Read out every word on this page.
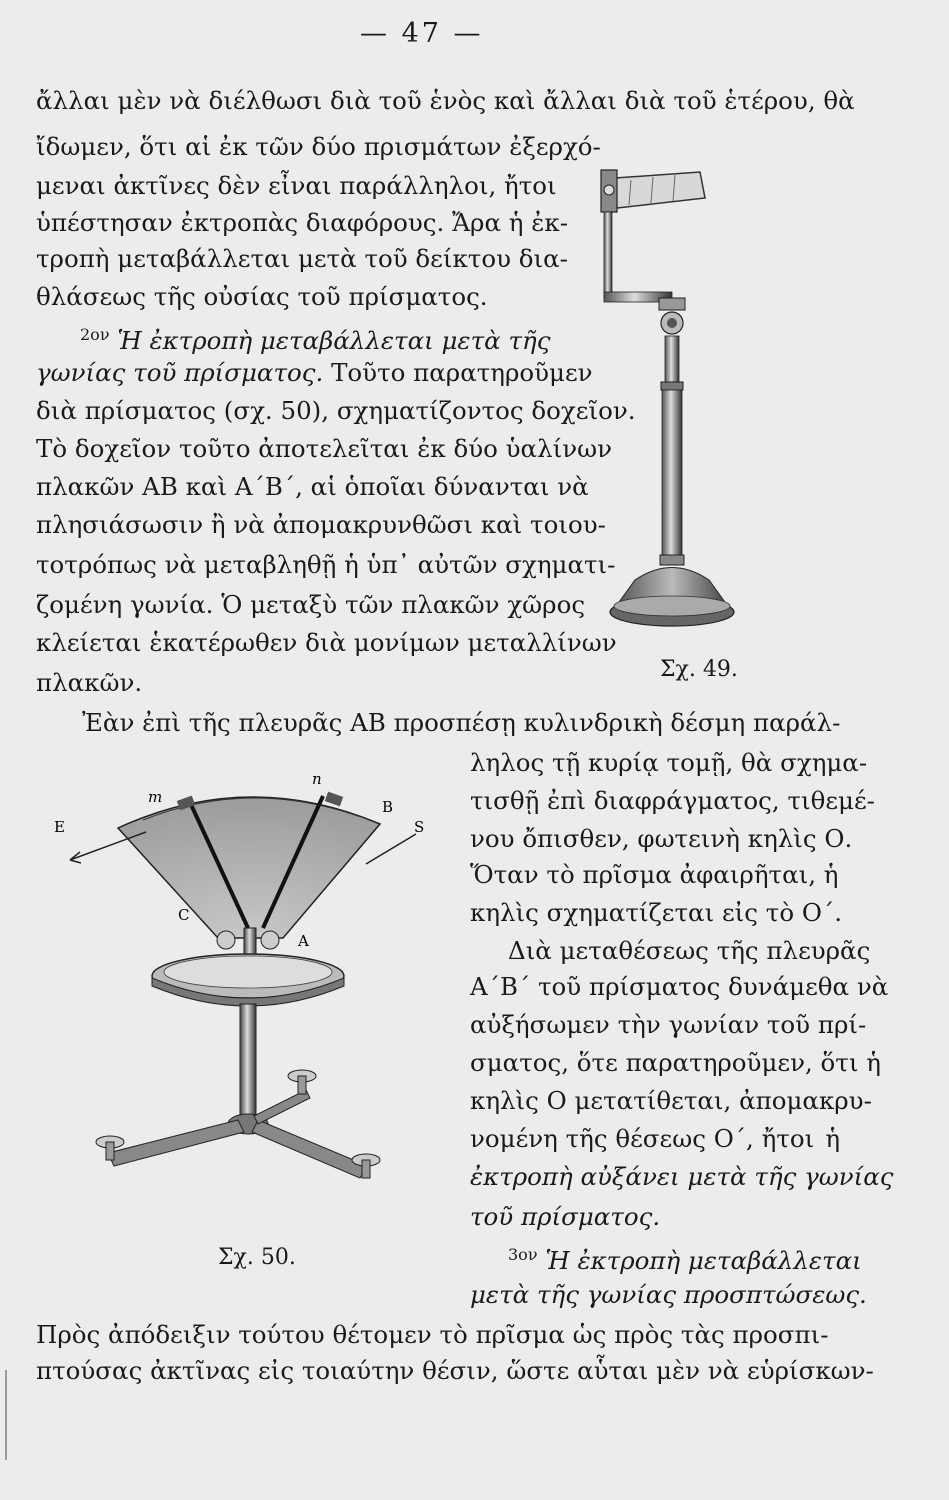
— 47 —
ἄλλαι μὲν νὰ διέλθωσι διὰ τοῦ ἑνὸς καὶ ἄλλαι διὰ τοῦ ἑτέρου, θὰ
ἴδωμεν, ὅτι αἱ ἐκ τῶν δύο πρισμάτων ἐξερχό-
μεναι ἀκτῖνες δὲν εἶναι παράλληλοι, ἤτοι
ὑπέστησαν ἐκτροπὰς διαφόρους. Ἄρα ἡ ἐκ-
τροπὴ μεταβάλλεται μετὰ τοῦ δείκτου δια-
θλάσεως τῆς οὐσίας τοῦ πρίσματος.
$^{2o\nu}$ Ἡ ἐκτροπὴ μεταβάλλεται μετὰ τῆς
γωνίας τοῦ πρίσματος. Τοῦτο παρατηροῦμεν
διὰ πρίσματος (σχ. 50), σχηματίζοντος δοχεῖον.
Τὸ δοχεῖον τοῦτο ἀποτελεῖται ἐκ δύο ὑαλίνων
πλακῶν ΑΒ καὶ Α΄Β΄, αἱ ὁποῖαι δύνανται νὰ
πλησιάσωσιν ἢ νὰ ἀπομακρυνθῶσι καὶ τοιου-
τοτρόπως νὰ μεταβληθῇ ἡ ὑπ᾽ αὐτῶν σχηματι-
ζομένη γωνία. Ὁ μεταξὺ τῶν πλακῶν χῶρος
κλείεται ἑκατέρωθεν διὰ μονίμων μεταλλίνων
πλακῶν.	Σχ. 49.
Ἐὰν ἐπὶ τῆς πλευρᾶς ΑΒ προσπέσῃ κυλινδρικὴ δέσμη παράλ-
ληλος τῇ κυρίᾳ τομῇ, θὰ σχημα-
τισθῇ ἐπὶ διαφράγματος, τιθεμέ-
νου ὄπισθεν, φωτεινὴ κηλὶς Ο.
Ὅταν τὸ πρῖσμα ἀφαιρῆται, ἡ
κηλὶς σχηματίζεται εἰς τὸ Ο΄.
Διὰ μεταθέσεως τῆς πλευρᾶς
Α΄Β΄ τοῦ πρίσματος δυνάμεθα νὰ
αὐξήσωμεν τὴν γωνίαν τοῦ πρί-
σματος, ὅτε παρατηροῦμεν, ὅτι ἡ
κηλὶς Ο μετατίθεται, ἀπομακρυ-
νομένη τῆς θέσεως Ο΄, ἤτοι ἡ
ἐκτροπὴ αὐξάνει μετὰ τῆς γωνίας
τοῦ πρίσματος.
$^{3o\nu}$ Ἡ ἐκτροπὴ μεταβάλλεται
μετὰ τῆς γωνίας προσπτώσεως.
E	S
B
C
A
m
n
Σχ. 50.
Πρὸς ἀπόδειξιν τούτου θέτομεν τὸ πρῖσμα ὡς πρὸς τὰς προσπι-
πτούσας ἀκτῖνας εἰς τοιαύτην θέσιν, ὥστε αὗται μὲν νὰ εὑρίσκων-
